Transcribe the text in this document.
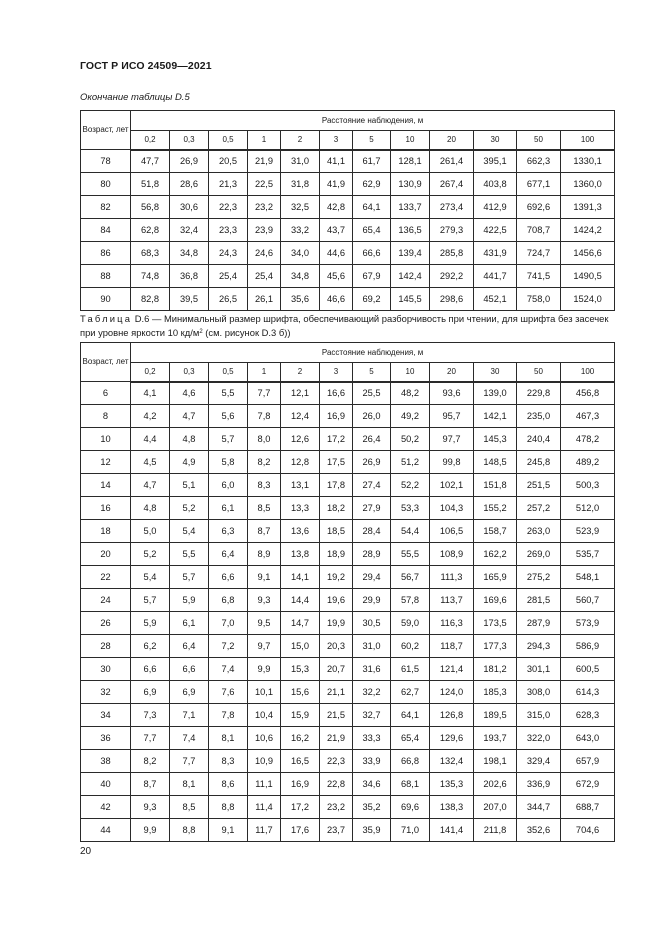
ГОСТ Р ИСО 24509—2021
Окончание таблицы D.5
Возраст, лет	Расстояние наблюдения, м											
	0,2	0,3	0,5	1	2	3	5	10	20	30	50	100
78	47,7	26,9	20,5	21,9	31,0	41,1	61,7	128,1	261,4	395,1	662,3	1330,1
80	51,8	28,6	21,3	22,5	31,8	41,9	62,9	130,9	267,4	403,8	677,1	1360,0
82	56,8	30,6	22,3	23,2	32,5	42,8	64,1	133,7	273,4	412,9	692,6	1391,3
84	62,8	32,4	23,3	23,9	33,2	43,7	65,4	136,5	279,3	422,5	708,7	1424,2
86	68,3	34,8	24,3	24,6	34,0	44,6	66,6	139,4	285,8	431,9	724,7	1456,6
88	74,8	36,8	25,4	25,4	34,8	45,6	67,9	142,4	292,2	441,7	741,5	1490,5
90	82,8	39,5	26,5	26,1	35,6	46,6	69,2	145,5	298,6	452,1	758,0	1524,0
Таблица D.6 — Минимальный размер шрифта, обеспечивающий разборчивость при чтении, для шрифта без засечек при уровне яркости 10 $кд/м^2$ (см. рисунок D.3 б))
Возраст, лет	Расстояние наблюдения, м											
	0,2	0,3	0,5	1	2	3	5	10	20	30	50	100
6	4,1	4,6	5,5	7,7	12,1	16,6	25,5	48,2	93,6	139,0	229,8	456,8
8	4,2	4,7	5,6	7,8	12,4	16,9	26,0	49,2	95,7	142,1	235,0	467,3
10	4,4	4,8	5,7	8,0	12,6	17,2	26,4	50,2	97,7	145,3	240,4	478,2
12	4,5	4,9	5,8	8,2	12,8	17,5	26,9	51,2	99,8	148,5	245,8	489,2
14	4,7	5,1	6,0	8,3	13,1	17,8	27,4	52,2	102,1	151,8	251,5	500,3
16	4,8	5,2	6,1	8,5	13,3	18,2	27,9	53,3	104,3	155,2	257,2	512,0
18	5,0	5,4	6,3	8,7	13,6	18,5	28,4	54,4	106,5	158,7	263,0	523,9
20	5,2	5,5	6,4	8,9	13,8	18,9	28,9	55,5	108,9	162,2	269,0	535,7
22	5,4	5,7	6,6	9,1	14,1	19,2	29,4	56,7	111,3	165,9	275,2	548,1
24	5,7	5,9	6,8	9,3	14,4	19,6	29,9	57,8	113,7	169,6	281,5	560,7
26	5,9	6,1	7,0	9,5	14,7	19,9	30,5	59,0	116,3	173,5	287,9	573,9
28	6,2	6,4	7,2	9,7	15,0	20,3	31,0	60,2	118,7	177,3	294,3	586,9
30	6,6	6,6	7,4	9,9	15,3	20,7	31,6	61,5	121,4	181,2	301,1	600,5
32	6,9	6,9	7,6	10,1	15,6	21,1	32,2	62,7	124,0	185,3	308,0	614,3
34	7,3	7,1	7,8	10,4	15,9	21,5	32,7	64,1	126,8	189,5	315,0	628,3
36	7,7	7,4	8,1	10,6	16,2	21,9	33,3	65,4	129,6	193,7	322,0	643,0
38	8,2	7,7	8,3	10,9	16,5	22,3	33,9	66,8	132,4	198,1	329,4	657,9
40	8,7	8,1	8,6	11,1	16,9	22,8	34,6	68,1	135,3	202,6	336,9	672,9
42	9,3	8,5	8,8	11,4	17,2	23,2	35,2	69,6	138,3	207,0	344,7	688,7
44	9,9	8,8	9,1	11,7	17,6	23,7	35,9	71,0	141,4	211,8	352,6	704,6
20
